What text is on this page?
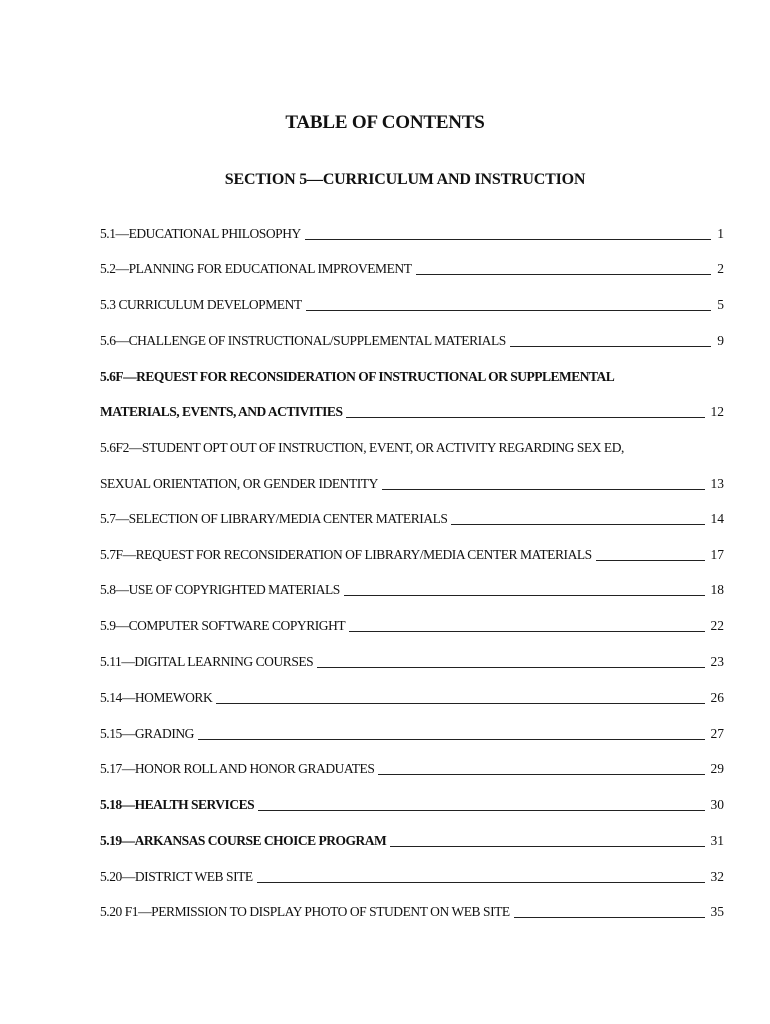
TABLE OF CONTENTS
SECTION 5—CURRICULUM AND INSTRUCTION
5.1—EDUCATIONAL PHILOSOPHY	1
5.2—PLANNING FOR EDUCATIONAL IMPROVEMENT	2
5.3 CURRICULUM DEVELOPMENT	5
5.6—CHALLENGE OF INSTRUCTIONAL/SUPPLEMENTAL MATERIALS	9
5.6F—REQUEST FOR RECONSIDERATION OF INSTRUCTIONAL OR SUPPLEMENTAL
MATERIALS, EVENTS, AND ACTIVITIES	12
5.6F2—STUDENT OPT OUT OF INSTRUCTION, EVENT, OR ACTIVITY REGARDING SEX ED,
SEXUAL ORIENTATION, OR GENDER IDENTITY	13
5.7—SELECTION OF LIBRARY/MEDIA CENTER MATERIALS	14
5.7F—REQUEST FOR RECONSIDERATION OF LIBRARY/MEDIA CENTER MATERIALS	17
5.8—USE OF COPYRIGHTED MATERIALS	18
5.9—COMPUTER SOFTWARE COPYRIGHT	22
5.11—DIGITAL LEARNING COURSES	23
5.14—HOMEWORK	26
5.15—GRADING	27
5.17—HONOR ROLL AND HONOR GRADUATES	29
5.18—HEALTH SERVICES	30
5.19—ARKANSAS COURSE CHOICE PROGRAM	31
5.20—DISTRICT WEB SITE	32
5.20 F1—PERMISSION TO DISPLAY PHOTO OF STUDENT ON WEB SITE	35
